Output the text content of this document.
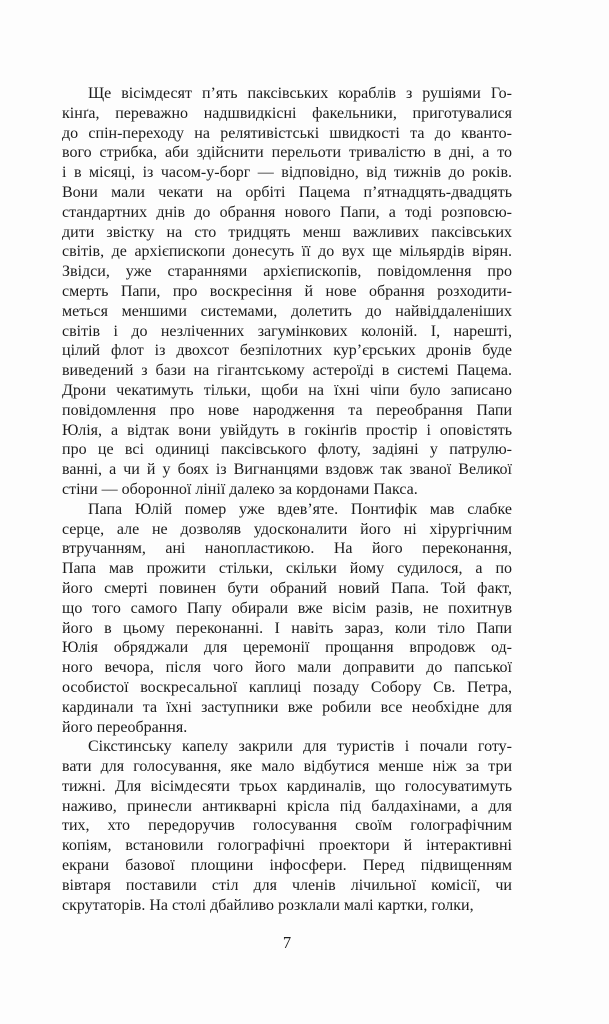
Ще вісімдесят п’ять паксівських кораблів з рушіями Го-
кінґа, переважно надшвидкісні факельники, приготувалися
до спін-переходу на релятивістські швидкості та до кванто-
вого стрибка, аби здійснити перельоти тривалістю в дні, а то
і в місяці, із часом-у-борг — відповідно, від тижнів до років.
Вони мали чекати на орбіті Пацема п’ятнадцять-двадцять
стандартних днів до обрання нового Папи, а тоді розповсю-
дити звістку на сто тридцять менш важливих паксівських
світів, де архієпископи донесуть її до вух ще мільярдів вірян.
Звідси, уже стараннями архієпископів, повідомлення про
смерть Папи, про воскресіння й нове обрання розходити-
меться меншими системами, долетить до найвіддаленіших
світів і до незліченних загумінкових колоній. І, нарешті,
цілий флот із двохсот безпілотних кур’єрських дронів буде
виведений з бази на гігантському астероїді в системі Пацема.
Дрони чекатимуть тільки, щоби на їхні чіпи було записано
повідомлення про нове народження та переобрання Папи
Юлія, а відтак вони увійдуть в гокінґів простір і оповістять
про це всі одиниці паксівського флоту, задіяні у патрулю-
ванні, а чи й у боях із Вигнанцями вздовж так званої Великої
стіни — оборонної лінії далеко за кордонами Пакса.
Папа Юлій помер уже вдев’яте. Понтифік мав слабке
серце, але не дозволяв удосконалити його ні хірургічним
втручанням, ані нанопластикою. На його переконання,
Папа мав прожити стільки, скільки йому судилося, а по
його смерті повинен бути обраний новий Папа. Той факт,
що того самого Папу обирали вже вісім разів, не похитнув
його в цьому переконанні. І навіть зараз, коли тіло Папи
Юлія обряджали для церемонії прощання впродовж од-
ного вечора, після чого його мали доправити до папської
особистої воскресальної каплиці позаду Собору Св. Петра,
кардинали та їхні заступники вже робили все необхідне для
його переобрання.
Сікстинську капелу закрили для туристів і почали готу-
вати для голосування, яке мало відбутися менше ніж за три
тижні. Для вісімдесяти трьох кардиналів, що голосуватимуть
наживо, принесли антикварні крісла під балдахінами, а для
тих, хто передоручив голосування своїм голографічним
копіям, встановили голографічні проектори й інтерактивні
екрани базової площини інфосфери. Перед підвищенням
вівтаря поставили стіл для членів лічильної комісії, чи
скрутаторів. На столі дбайливо розклали малі картки, голки,
7
